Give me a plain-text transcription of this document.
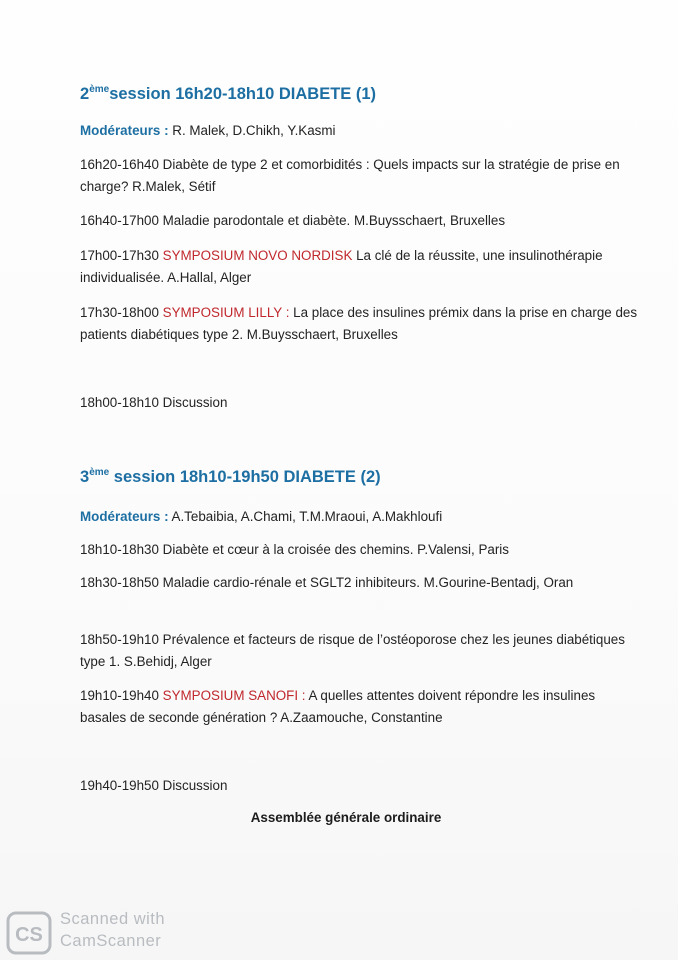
2èmesession 16h20-18h10 DIABETE (1)
Modérateurs : R. Malek, D.Chikh, Y.Kasmi
16h20-16h40 Diabète de type 2 et comorbidités : Quels impacts sur la stratégie de prise en charge? R.Malek, Sétif
16h40-17h00 Maladie parodontale et diabète. M.Buysschaert, Bruxelles
17h00-17h30 SYMPOSIUM NOVO NORDISK La clé de la réussite, une insulinothérapie individualisée. A.Hallal, Alger
17h30-18h00 SYMPOSIUM LILLY : La place des insulines prémix dans la prise en charge des patients diabétiques type 2. M.Buysschaert, Bruxelles
18h00-18h10 Discussion
3ème session 18h10-19h50 DIABETE (2)
Modérateurs : A.Tebaibia, A.Chami, T.M.Mraoui, A.Makhloufi
18h10-18h30 Diabète et cœur à la croisée des chemins. P.Valensi, Paris
18h30-18h50 Maladie cardio-rénale et SGLT2 inhibiteurs. M.Gourine-Bentadj, Oran
18h50-19h10 Prévalence et facteurs de risque de l’ostéoporose chez les jeunes diabétiques type 1. S.Behidj, Alger
19h10-19h40 SYMPOSIUM SANOFI : A quelles attentes doivent répondre les insulines basales de seconde génération ? A.Zaamouche, Constantine
19h40-19h50 Discussion
Assemblée générale ordinaire
CS
Scanned with
CamScanner
